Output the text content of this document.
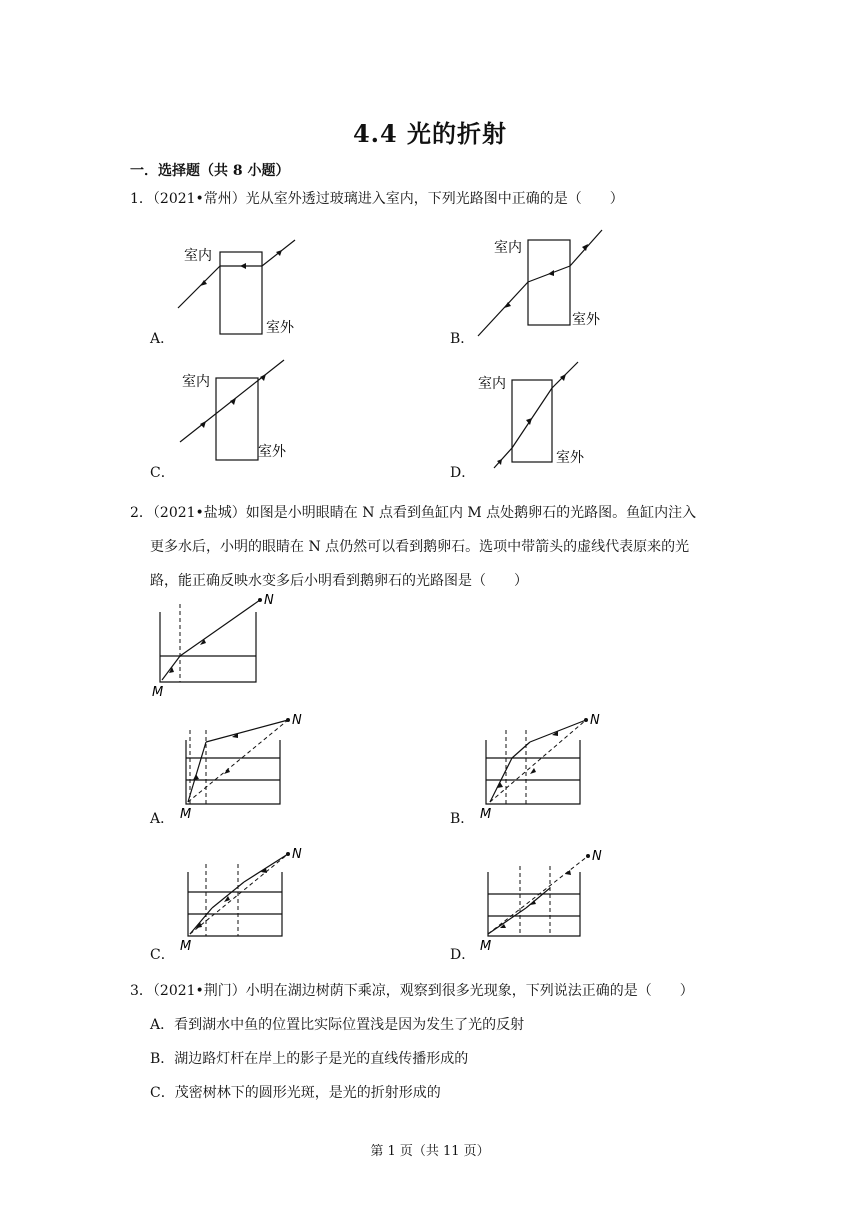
4.4 光的折射
一．选择题（共 8 小题）
1．（2021•常州）光从室外透过玻璃进入室内，下列光路图中正确的是（　　）
室内
室外
A．
室内
室外
B．
室内
室外
C．
室内
室外
D．

2．（2021•盐城）如图是小明眼睛在 N 点看到鱼缸内 M 点处鹅卵石的光路图。鱼缸内注入

更多水后，小明的眼睛在 N 点仍然可以看到鹅卵石。选项中带箭头的虚线代表原来的光

路，能正确反映水变多后小明看到鹅卵石的光路图是（　　）

N
M
N
M
A．
N
M
B．
N
M
C．
N
M
D．

3．（2021•荆门）小明在湖边树荫下乘凉，观察到很多光现象，下列说法正确的是（　　）

A．看到湖水中鱼的位置比实际位置浅是因为发生了光的反射

B．湖边路灯杆在岸上的影子是光的直线传播形成的

C．茂密树林下的圆形光斑，是光的折射形成的

第 1 页（共 11 页）
